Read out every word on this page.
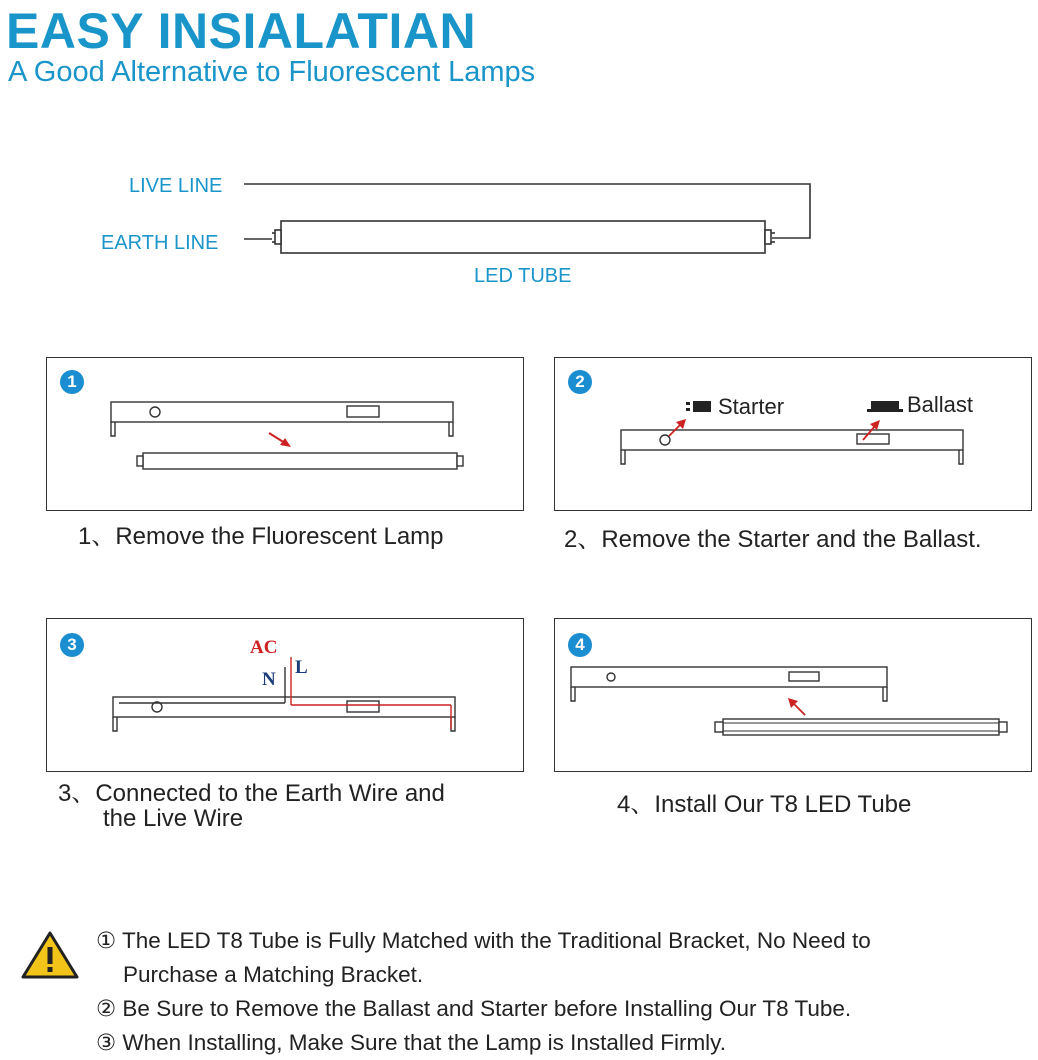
EASY INSIALATIAN
A Good Alternative to Fluorescent Lamps
LIVE LINE
EARTH LINE
LED TUBE
1
1、Remove the Fluorescent Lamp
2
Starter	Ballast
2、Remove the Starter and the Ballast.
3	AC
N
L
3、Connected to the Earth Wire and
the Live Wire
4
4、Install Our T8 LED Tube
① The LED T8 Tube is Fully Matched with the Traditional Bracket, No Need to
Purchase a Matching Bracket.
② Be Sure to Remove the Ballast and Starter before Installing Our T8 Tube.
③ When Installing, Make Sure that the Lamp is Installed Firmly.
